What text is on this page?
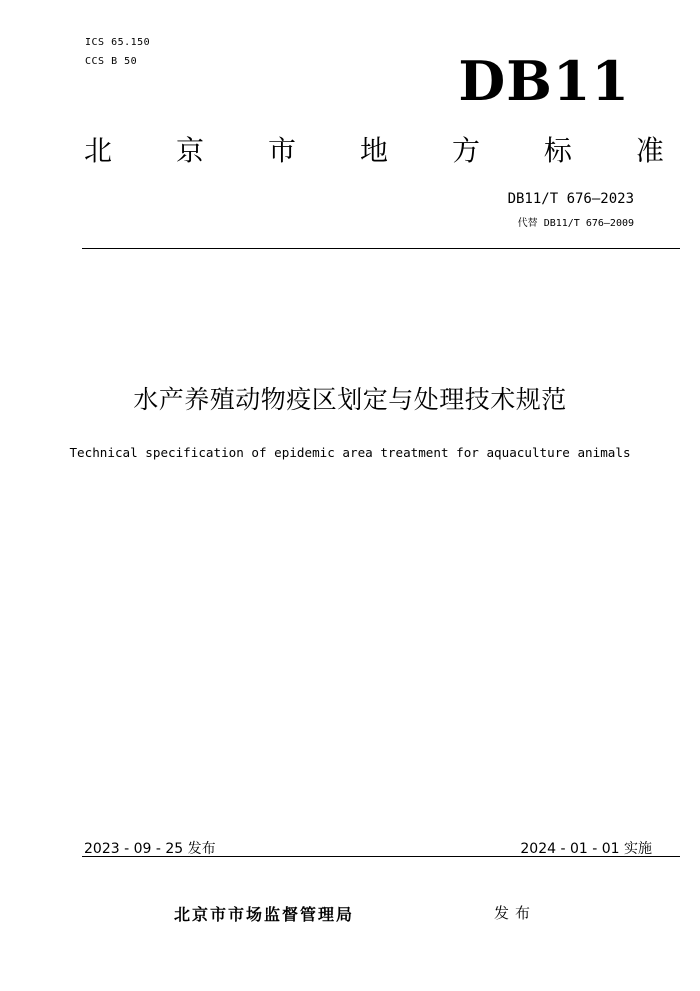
ICS 65.150
CCS B 50	DB11
北 京 市 地 方 标 准
DB11/T 676—2023
代替 DB11/T 676—2009
水产养殖动物疫区划定与处理技术规范
Technical specification of epidemic area treatment for aquaculture animals
2023 - 09 - 25 发布	2024 - 01 - 01 实施
北京市市场监督管理局	发布
